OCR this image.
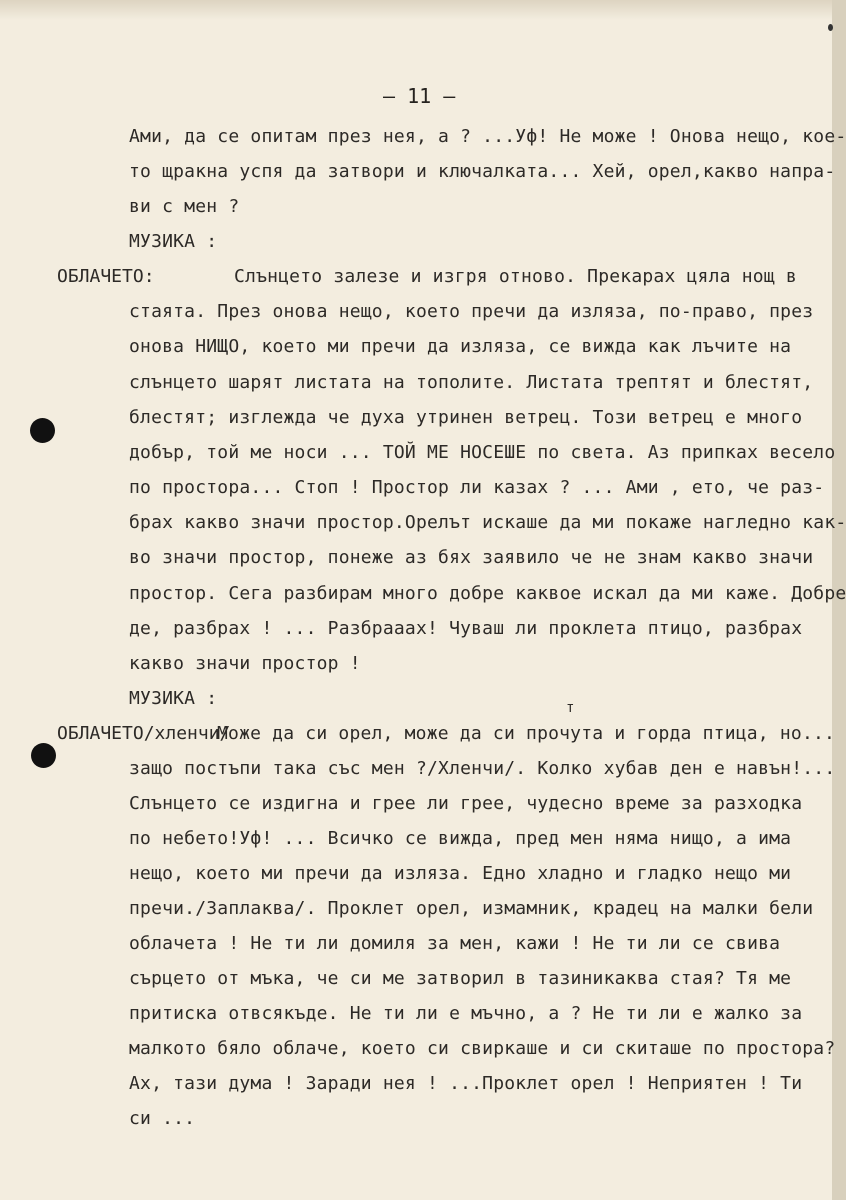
— 11 —
Ами, да се опитам през нея, а ? ...Уф! Не може ! Онова нещо, кое-
то щракна успя да затвори и ключалката... Хей, орел,какво напра-
ви с мен ?
МУЗИКА :
ОБЛАЧЕТО:	Слънцето залезе и изгря отново. Прекарах цяла нощ в
стаята. През онова нещо, което пречи да изляза, по-право, през
онова НИЩО, което ми пречи да изляза, се вижда как лъчите на
слънцето шарят листата на тополите. Листата трептят и блестят,
блестят; изглежда че духа утринен ветрец. Този ветрец е много
добър, той ме носи ... ТОЙ МЕ НОСЕШЕ по света. Аз припках весело
по простора... Стоп ! Простор ли казах ? ... Ами , ето, че раз-
брах какво значи простор.Орелът искаше да ми покаже нагледно как-
во значи простор, понеже аз бях заявило че не знам какво значи
простор. Сега разбирам много добре каквое искал да ми каже. Добре
де, разбрах ! ... Разбрааах! Чуваш ли проклета птицо, разбрах
какво значи простор !
МУЗИКА :	т
ОБЛАЧЕТО/хленчи/
Може да си орел, може да си прочута и горда птица, но...
защо постъпи така със мен ?/Хленчи/. Колко хубав ден е навън!...
Слънцето се издигна и грее ли грее, чудесно време за разходка
по небето!Уф! ... Всичко се вижда, пред мен няма нищо, а има
нещо, което ми пречи да изляза. Едно хладно и гладко нещо ми
пречи./Заплаква/. Проклет орел, измамник, крадец на малки бели
облачета ! Не ти ли домиля за мен, кажи ! Не ти ли се свива
сърцето от мъка, че си ме затворил в тазиникаква стая? Тя ме
притиска отвсякъде. Не ти ли е мъчно, а ? Не ти ли е жалко за
малкото бяло облаче, което си свиркаше и си скиташе по простора?
Ах, тази дума ! Заради нея ! ...Проклет орел ! Неприятен ! Ти
си ...
